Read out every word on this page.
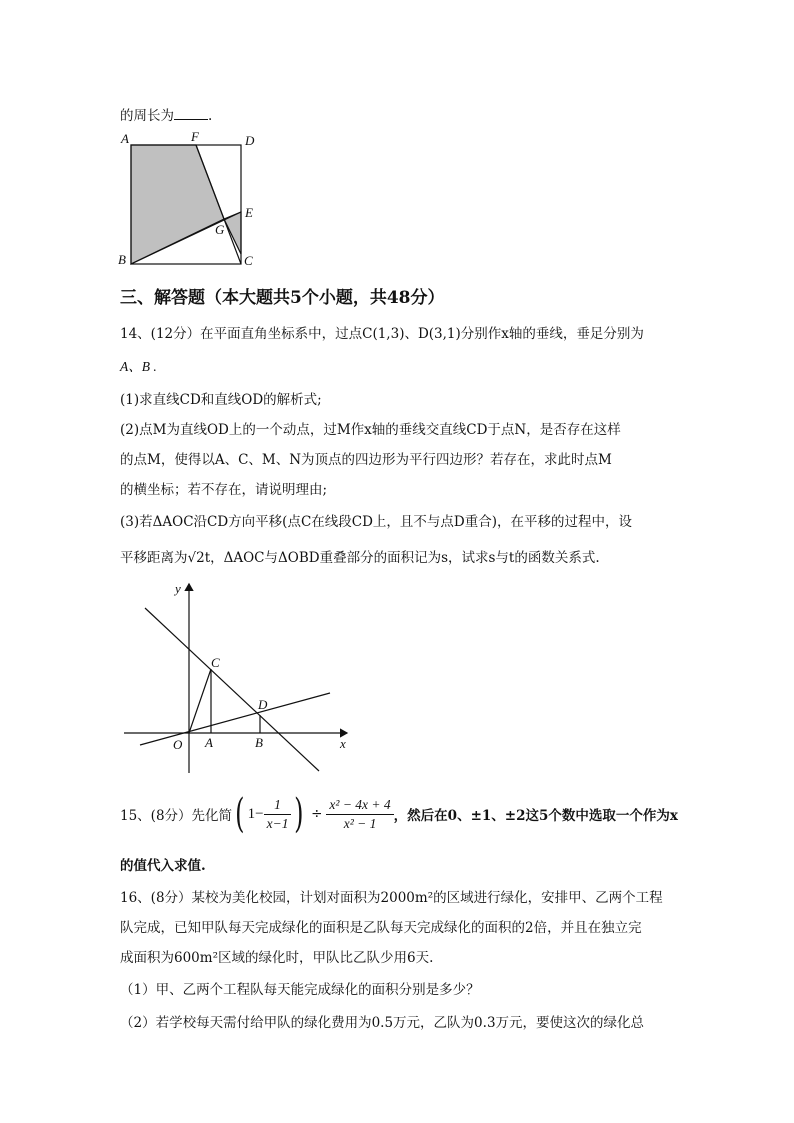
的周长为	.
A	F	D
E
G
B	C
三、解答题（本大题共5个小题，共48分）
14、(12分）在平面直角坐标系中，过点C(1,3)、D(3,1)分别作x轴的垂线，垂足分别为
A、B .
(1)求直线CD和直线OD的解析式;
(2)点M为直线OD上的一个动点，过M作x轴的垂线交直线CD于点N，是否存在这样
的点M，使得以A、C、M、N为顶点的四边形为平行四边形？若存在，求此时点M
的横坐标；若不存在，请说明理由;
(3)若ΔAOC沿CD方向平移(点C在线段CD上，且不与点D重合)，在平移的过程中，设
平移距离为√2t，ΔAOC与ΔOBD重叠部分的面积记为s，试求s与t的函数关系式.
y
x
O A	B
C
D
15、(8分）先化简 ( $1- \frac{1}{x-1}$ ) ÷ $\frac{\text{x² − 4x + 4}}{\text{x² − 1}}$ ，然后在0、±1、±2这5个数中选取一个作为x
的值代入求值.
16、(8分）某校为美化校园，计划对面积为2000m²的区域进行绿化，安排甲、乙两个工程
队完成，已知甲队每天完成绿化的面积是乙队每天完成绿化的面积的2倍，并且在独立完
成面积为600m²区域的绿化时，甲队比乙队少用6天.
（1）甲、乙两个工程队每天能完成绿化的面积分别是多少？
（2）若学校每天需付给甲队的绿化费用为0.5万元，乙队为0.3万元，要使这次的绿化总
